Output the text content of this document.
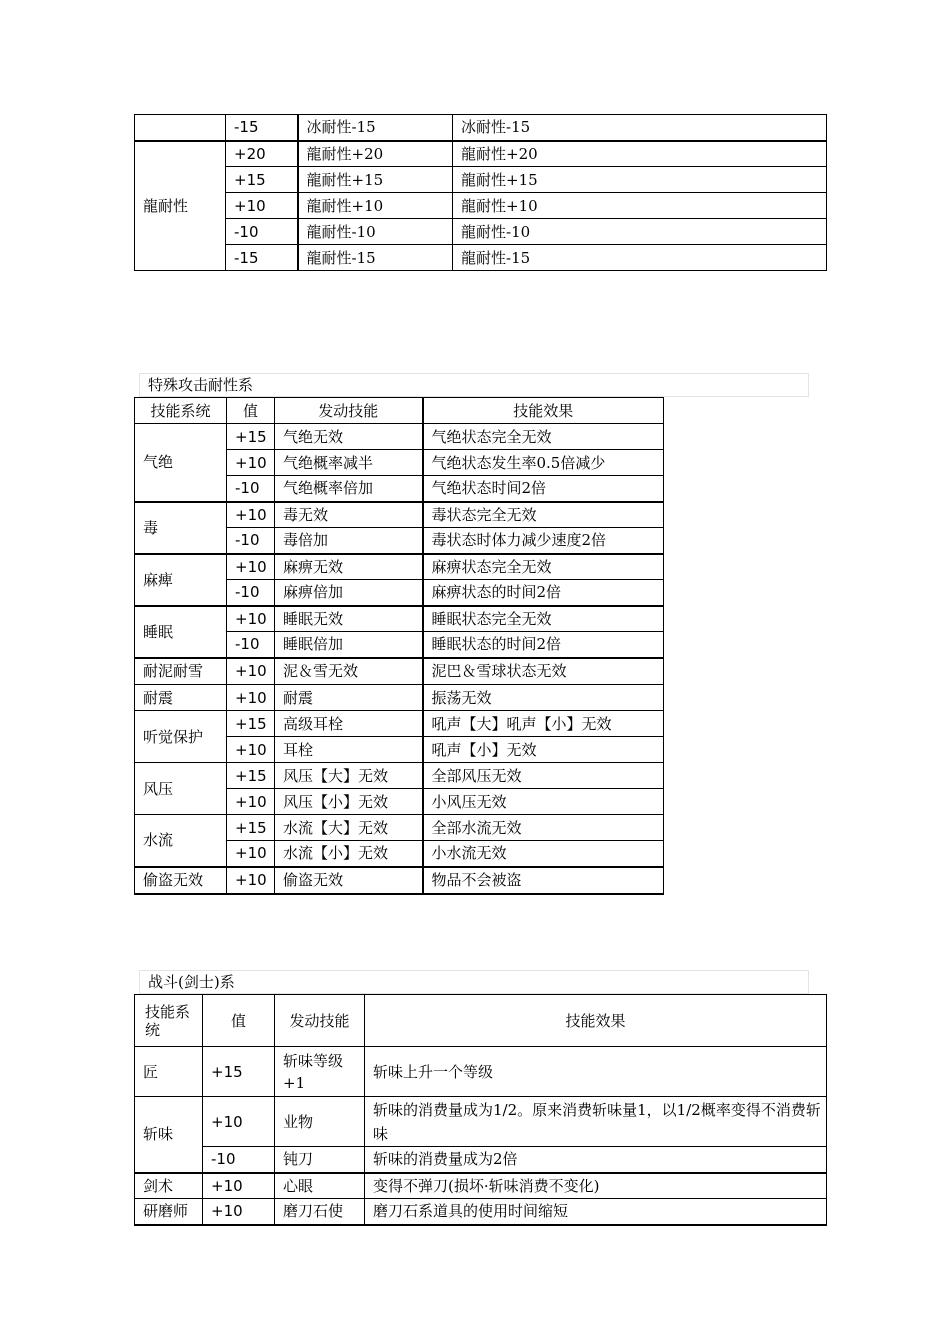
	-15	冰耐性-15	冰耐性-15
龍耐性	+20	龍耐性+20	龍耐性+20
	+15	龍耐性+15	龍耐性+15
	+10	龍耐性+10	龍耐性+10
	-10	龍耐性-10	龍耐性-10
	-15	龍耐性-15	龍耐性-15
特殊攻击耐性系
技能系统	值	发动技能	技能效果
气绝	+15	气绝无效	气绝状态完全无效
	+10	气绝概率减半	气绝状态发生率0.5倍减少
	-10	气绝概率倍加	气绝状态时间2倍
毒	+10	毒无效	毒状态完全无效
	-10	毒倍加	毒状态时体力减少速度2倍
麻痺	+10	麻痹无效	麻痹状态完全无效
	-10	麻痹倍加	麻痹状态的时间2倍
睡眠	+10	睡眠无效	睡眠状态完全无效
	-10	睡眠倍加	睡眠状态的时间2倍
耐泥耐雪	+10	泥＆雪无效	泥巴＆雪球状态无效
耐震	+10	耐震	振荡无效
听觉保护	+15	高级耳栓	吼声【大】吼声【小】无效
	+10	耳栓	吼声【小】无效
风压	+15	风压【大】无效	全部风压无效
	+10	风压【小】无效	小风压无效
水流	+15	水流【大】无效	全部水流无效
	+10	水流【小】无效	小水流无效
偷盗无效	+10	偷盗无效	物品不会被盗
战斗(剑士)系
技能系统	值	发动技能	技能效果
匠	+15	斩味等级+1	斩味上升一个等级
斩味	+10	业物	斩味的消费量成为1/2。原来消费斩味量1，以1/2概率变得不消费斩味
	-10	钝刀	斩味的消费量成为2倍
剑术	+10	心眼	变得不弹刀(损坏·斩味消费不变化)
研磨师	+10	磨刀石使	磨刀石系道具的使用时间缩短
